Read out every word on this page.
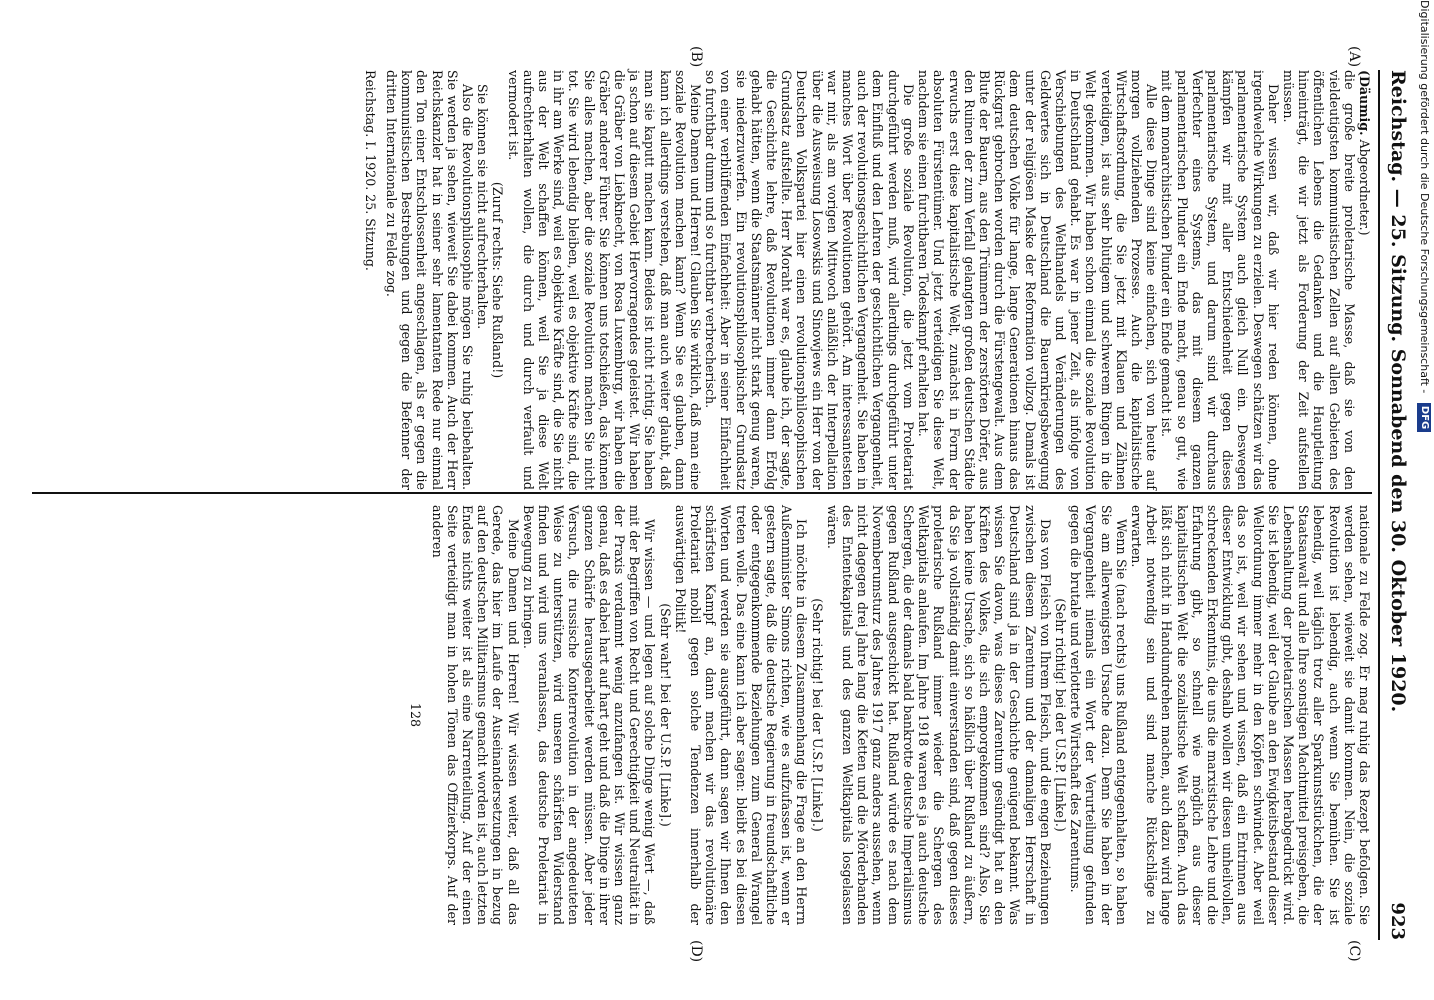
Reichstag. — 25. Sitzung. Sonnabend den 30. Oktober 1920.
923
(A)
(B)
(C)
(D)

(Däumig. Abgeordneter.)

die große breite proletarische Masse, daß sie von den vieldeutigsten kommunistischen Zellen auf allen Gebieten des öffentlichen Lebens die Gedanken und die Hauptleitung hineinträgt, die wir jetzt als Forderung der Zeit aufstellen müssen.

Daher wissen wir, daß wir hier reden können, ohne irgendwelche Wirkungen zu erzielen. Deswegen schätzen wir das parlamentarische System auch gleich Null ein. Deswegen kämpfen wir mit aller Entschiedenheit gegen dieses parlamentarische System, und darum sind wir durchaus Verfechter eines Systems, das mit diesem ganzen parlamentarischen Plunder ein Ende macht, genau so gut, wie mit dem monarchistischen Plunder ein Ende gemacht ist.

Alle diese Dinge sind keine einfachen, sich von heute auf morgen vollziehenden Prozesse. Auch die kapitalistische Wirtschaftsordnung, die Sie jetzt mit Klauen und Zähnen verteidigen, ist aus sehr blutigem und schwerem Ringen in die Welt gekommen. Wir haben schon einmal die soziale Revolution in Deutschland gehabt. Es war in jener Zeit, als infolge von Verschiebungen des Welthandels und Veränderungen des Geldwertes sich in Deutschland die Bauernkriegsbewegung unter der religiösen Maske der Reformation vollzog. Damals ist dem deutschen Volke für lange, lange Generationen hinaus das Rückgrat gebrochen worden durch die Fürstengewalt. Aus dem Blute der Bauern, aus den Trümmern der zerstörten Dörfer, aus den Ruinen der zum Verfall gelangten großen deutschen Städte erwuchs erst diese kapitalistische Welt, zunächst in Form der absoluten Fürstentümer. Und jetzt verteidigen Sie diese Welt, nachdem sie einen furchtbaren Todeskampf erhalten hat.

Die große soziale Revolution, die jetzt vom Proletariat durchgeführt werden muß, wird allerdings durchgeführt unter dem Einfluß und den Lehren der geschichtlichen Vergangenheit, auch der revolutionsgeschichtlichen Vergangenheit. Sie haben in manches Wort über Revolutionen gehört. Am interessantesten war mir, als am vorigen Mittwoch anläßlich der Interpellation über die Ausweisung Losowskis und Sinowjews ein Herr von der Deutschen Volkspartei hier einen revolutionsphilosophischen Grundsatz aufstellte. Herr Moraht war es, glaube ich, der sagte, die Geschichte lehre, daß Revolutionen immer dann Erfolg gehabt hätten, wenn die Staatsmänner nicht stark genug waren, sie niederzuwerfen. Ein revolutionsphilosophischer Grundsatz von einer verblüffenden Einfachheit: Aber in seiner Einfachheit so furchtbar dumm und so furchtbar verbrecherisch.

Meine Damen und Herren! Glauben Sie wirklich, daß man eine soziale Revolution machen kann? Wenn Sie es glauben, dann kann ich allerdings verstehen, daß man auch weiter glaubt, daß man sie kaputt machen kann. Beides ist nicht richtig. Sie haben ja schon auf diesem Gebiet Hervorragendes geleistet. Wir haben die Gräber von Liebknecht, von Rosa Luxemburg, wir haben die Gräber anderer Führer. Sie können uns totschießen, das können Sie alles machen, aber die soziale Revolution machen Sie nicht tot. Sie wird lebendig bleiben, weil es objektive Kräfte sind, die in ihr am Werke sind, weil es objektive Kräfte sind, die Sie nicht aus der Welt schaffen können, weil Sie ja diese Welt aufrechterhalten wollen, die durch und durch verfault und vermodert ist.

(Zuruf rechts: Siehe Rußland!)

Sie können sie nicht aufrechterhalten.

Also die Revolutionsphilosophie mögen Sie ruhig beibehalten. Sie werden ja sehen, wieweit Sie dabei kommen. Auch der Herr Reichskanzler hat in seiner sehr lamentanten Rede nur einmal den Ton einer Entschlossenheit angeschlagen, als er gegen die kommunistischen Bestrebungen und gegen die Befenner der dritten Internationale zu Felde zog.

Reichstag. I. 1920. 25. Sitzung.

nationale zu Felde zog. Er mag ruhig das Rezept befolgen. Sie werden sehen, wieweit sie damit kommen. Nein, die soziale Revolution ist lebendig, auch wenn Sie bemühen. Sie ist lebendig, weil täglich trotz aller Sparkunststückchen, die der Staatsanwalt und alle Ihre sonstigen Machtmittel preisgeben, die Lebenshaltung der proletarischen Massen herabgedrückt wird. Sie ist lebendig, weil der Glaube an den Ewigkeitsbestand dieser Weltordnung immer mehr in den Köpfen schwindet. Aber weil das so ist, weil wir sehen und wissen, daß ein Entrinnen aus dieser Entwicklung gibt, deshalb wollen wir diesen unheilvollen, schreckenden Erkenntnis, die uns die marxistische Lehre und die Erfahrung gibt, so schnell wie möglich aus dieser kapitalistischen Welt die sozialistische Welt schaffen. Auch das läßt sich nicht in Handumdrehen machen, auch dazu wird lange Arbeit notwendig sein und sind manche Rückschläge zu erwarten.

Wenn Sie (nach rechts) uns Rußland entgegenhalten, so haben Sie am allerwenigsten Ursache dazu. Denn Sie haben in der Vergangenheit niemals ein Wort der Verurteilung gefunden gegen die brutale und verlotterte Wirtschaft des Zarentums.

(Sehr richtig! bei der U.S.P. [Linke].)

Das von Fleisch von Ihrem Fleisch, und die engen Beziehungen zwischen diesem Zarentum und der damaligen Herrschaft in Deutschland sind ja in der Geschichte genügend bekannt. Was wissen Sie davon, was dieses Zarentum gesündigt hat an den Kräften des Volkes, die sich emporgekommen sind? Also, Sie haben keine Ursache, sich so häßlich über Rußland zu äußern, da Sie ja vollständig damit einverstanden sind, daß gegen dieses proletarische Rußland immer wieder die Schergen des Weltkapitals anlaufen. Im Jahre 1918 waren es ja auch deutsche Schergen, die der damals bald bankrotte deutsche Imperialismus gegen Rußland ausgeschickt hat. Rußland würde es nach dem Novemberumsturz des Jahres 1917 ganz anders aussehen, wenn nicht dagegen drei Jahre lang die Ketten und die Mörderbanden des Ententekapitals und des ganzen Weltkapitals losgelassen wären.

(Sehr richtig! bei der U.S.P. [Linke].)

Ich möchte in diesem Zusammenhang die Frage an den Herrn Außenminister Simons richten, wie es aufzufassen ist, wenn er gestern sagte, daß die deutsche Regierung in freundschaftliche oder entgegenkommende Beziehungen zum General Wrangel treten wolle. Das eine kann ich aber sagen: bleibt es bei diesen Worten und werden sie ausgeführt, dann sagen wir Ihnen den schärfsten Kampf an, dann machen wir das revolutionäre Proletariat mobil gegen solche Tendenzen innerhalb der auswärtigen Politik!

(Sehr wahr! bei der U.S.P. [Linke].)

Wir wissen — und legen auf solche Dinge wenig Wert —, daß mit der Begriffen von Recht und Gerechtigkeit und Neutralität in der Praxis verdammt wenig anzufangen ist. Wir wissen ganz genau, daß es dabei hart auf hart geht und daß die Dinge in ihrer ganzen Schärfe herausgearbeitet werden müssen. Aber jeder Versuch, die russische Konterrevolution in der angedeuteten Weise zu unterstützen, wird unseren schärfsten Widerstand finden und wird uns veranlassen, das deutsche Proletariat in Bewegung zu bringen.

Meine Damen und Herren! Wir wissen weiter, daß all das Gerede, das hier im Laufe der Auseinandersetzungen in bezug auf den deutschen Militarismus gemacht worden ist, auch letzten Endes nichts weiter ist als eine Narrenteilung. Auf der einen Seite verteidigt man in hohen Tönen das Offizierkorps. Auf der anderen

128

Digitalisierung gefördert durch die Deutsche Forschungsgemeinschaft - DFG
